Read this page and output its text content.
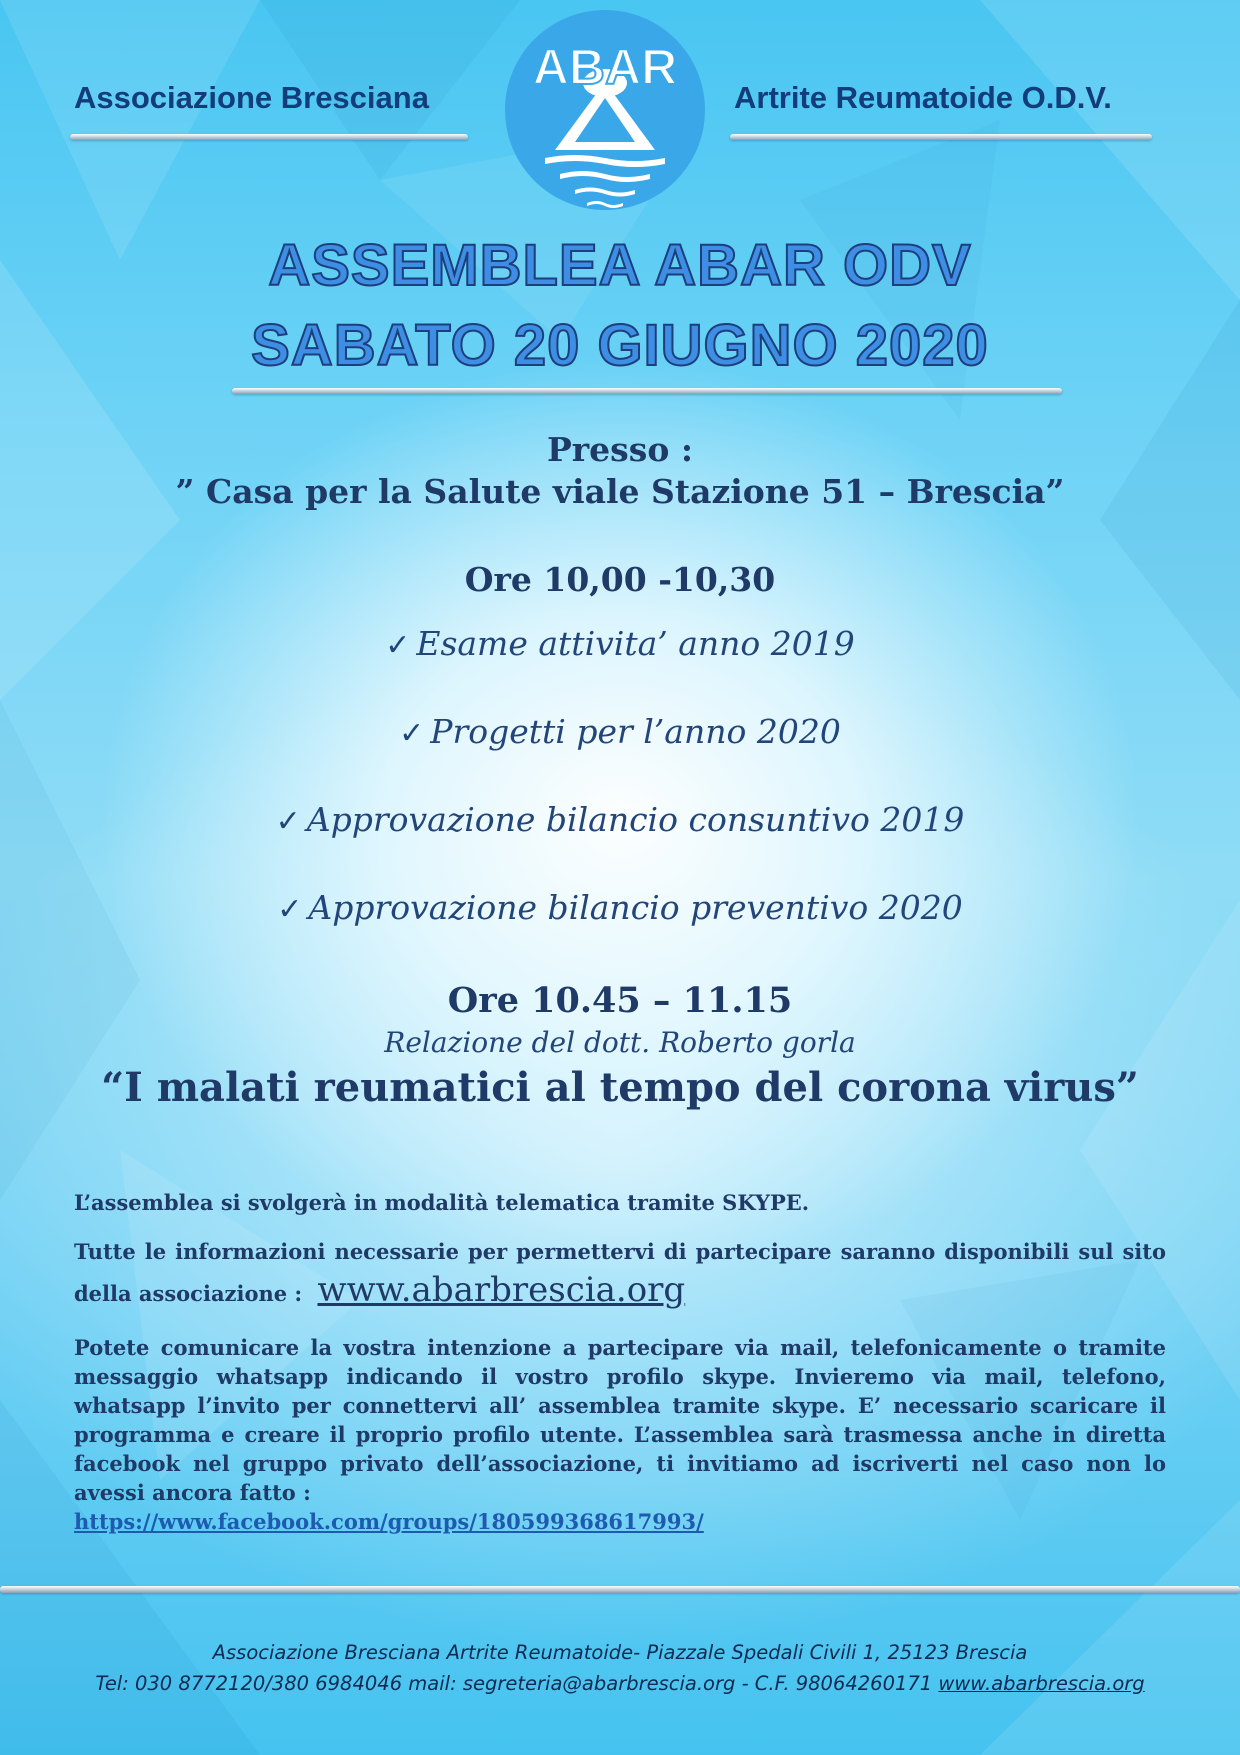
Associazione Bresciana	Artrite Reumatoide O.D.V.
ABAR
ASSEMBLEA ABAR ODV
SABATO 20 GIUGNO 2020
Presso :
” Casa per la Salute viale Stazione 51 – Brescia”
Ore 10,00 -10,30
✓ Esame attivita’ anno 2019
✓ Progetti per l’anno 2020
✓ Approvazione bilancio consuntivo 2019
✓ Approvazione bilancio preventivo 2020
Ore 10.45 – 11.15
Relazione del dott. Roberto gorla
“I malati reumatici al tempo del corona virus”
L’assemblea si svolgerà in modalità telematica tramite SKYPE.
Tutte le informazioni necessarie per permettervi di partecipare saranno disponibili sul sito
della associazione : www.abarbrescia.org
Potete comunicare la vostra intenzione a partecipare via mail, telefonicamente o tramite messaggio whatsapp indicando il vostro profilo skype. Invieremo via mail, telefono, whatsapp l’invito per connettervi all’ assemblea tramite skype. E’ necessario scaricare il programma e creare il proprio profilo utente. L’assemblea sarà trasmessa anche in diretta facebook nel gruppo privato dell’associazione, ti invitiamo ad iscriverti nel caso non lo avessi ancora fatto :
https://www.facebook.com/groups/180599368617993/
Associazione Bresciana Artrite Reumatoide- Piazzale Spedali Civili 1, 25123 Brescia
Tel: 030 8772120/380 6984046 mail: segreteria@abarbrescia.org - C.F. 98064260171 www.abarbrescia.org
